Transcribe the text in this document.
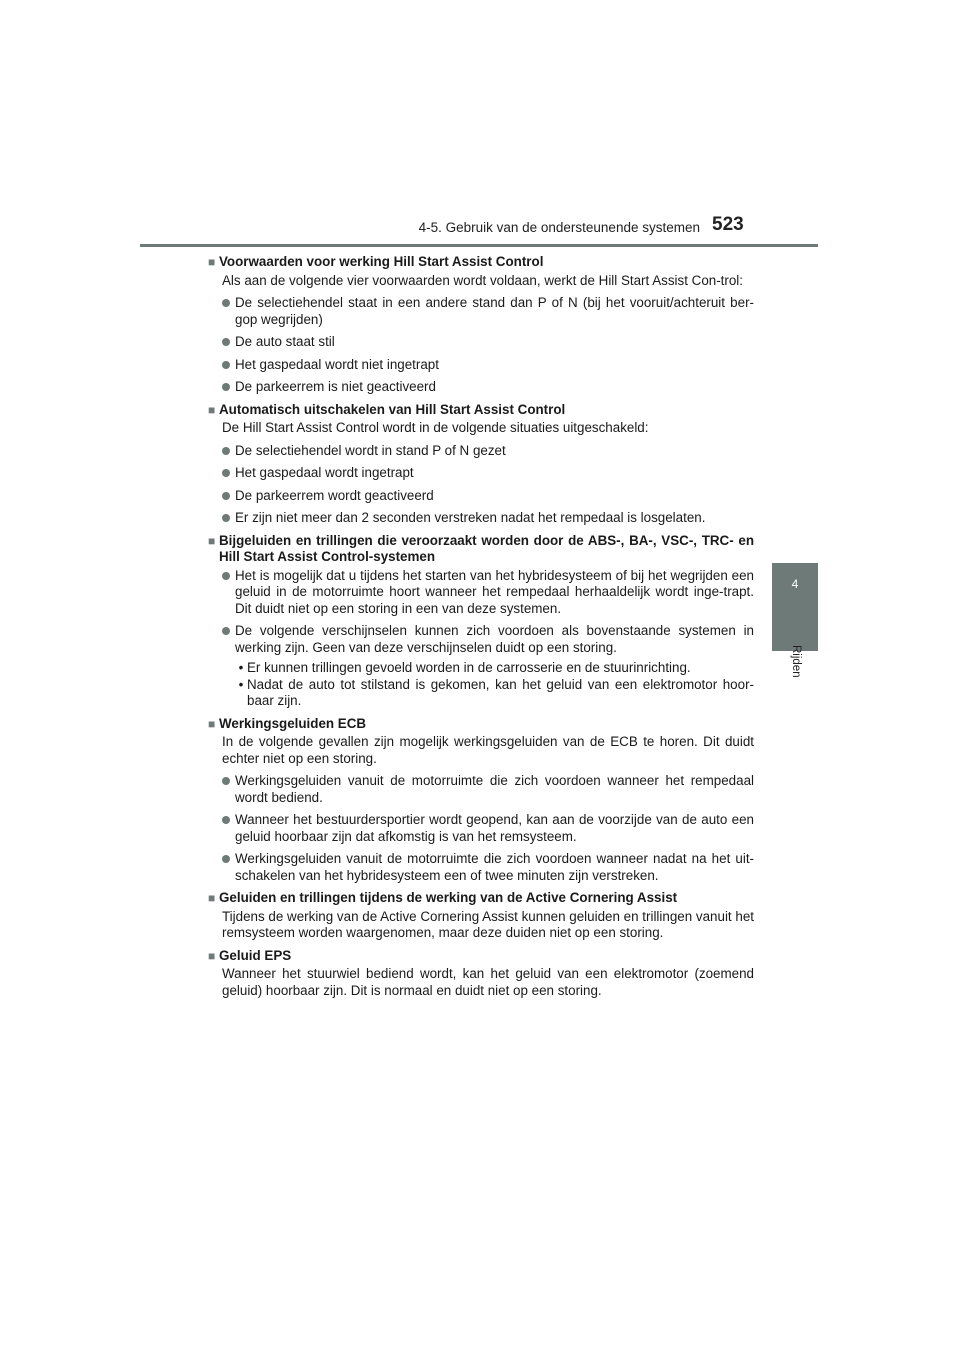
4-5. Gebruik van de ondersteunende systemen 523
4
Rijden
■ Voorwaarden voor werking Hill Start Assist Control
Als aan de volgende vier voorwaarden wordt voldaan, werkt de Hill Start Assist Con-trol:
De selectiehendel staat in een andere stand dan P of N (bij het vooruit/achteruit ber-gop wegrijden)
De auto staat stil
Het gaspedaal wordt niet ingetrapt
De parkeerrem is niet geactiveerd
■ Automatisch uitschakelen van Hill Start Assist Control
De Hill Start Assist Control wordt in de volgende situaties uitgeschakeld:
De selectiehendel wordt in stand P of N gezet
Het gaspedaal wordt ingetrapt
De parkeerrem wordt geactiveerd
Er zijn niet meer dan 2 seconden verstreken nadat het rempedaal is losgelaten.
■ Bijgeluiden en trillingen die veroorzaakt worden door de ABS-, BA-, VSC-, TRC- en Hill Start Assist Control-systemen
Het is mogelijk dat u tijdens het starten van het hybridesysteem of bij het wegrijden een geluid in de motorruimte hoort wanneer het rempedaal herhaaldelijk wordt inge-trapt. Dit duidt niet op een storing in een van deze systemen.
De volgende verschijnselen kunnen zich voordoen als bovenstaande systemen in werking zijn. Geen van deze verschijnselen duidt op een storing.
• Er kunnen trillingen gevoeld worden in de carrosserie en de stuurinrichting.
• Nadat de auto tot stilstand is gekomen, kan het geluid van een elektromotor hoor-baar zijn.
■ Werkingsgeluiden ECB
In de volgende gevallen zijn mogelijk werkingsgeluiden van de ECB te horen. Dit duidt echter niet op een storing.
Werkingsgeluiden vanuit de motorruimte die zich voordoen wanneer het rempedaal wordt bediend.
Wanneer het bestuurdersportier wordt geopend, kan aan de voorzijde van de auto een geluid hoorbaar zijn dat afkomstig is van het remsysteem.
Werkingsgeluiden vanuit de motorruimte die zich voordoen wanneer nadat na het uit-schakelen van het hybridesysteem een of twee minuten zijn verstreken.
■ Geluiden en trillingen tijdens de werking van de Active Cornering Assist
Tijdens de werking van de Active Cornering Assist kunnen geluiden en trillingen vanuit het remsysteem worden waargenomen, maar deze duiden niet op een storing.
■ Geluid EPS
Wanneer het stuurwiel bediend wordt, kan het geluid van een elektromotor (zoemend geluid) hoorbaar zijn. Dit is normaal en duidt niet op een storing.
